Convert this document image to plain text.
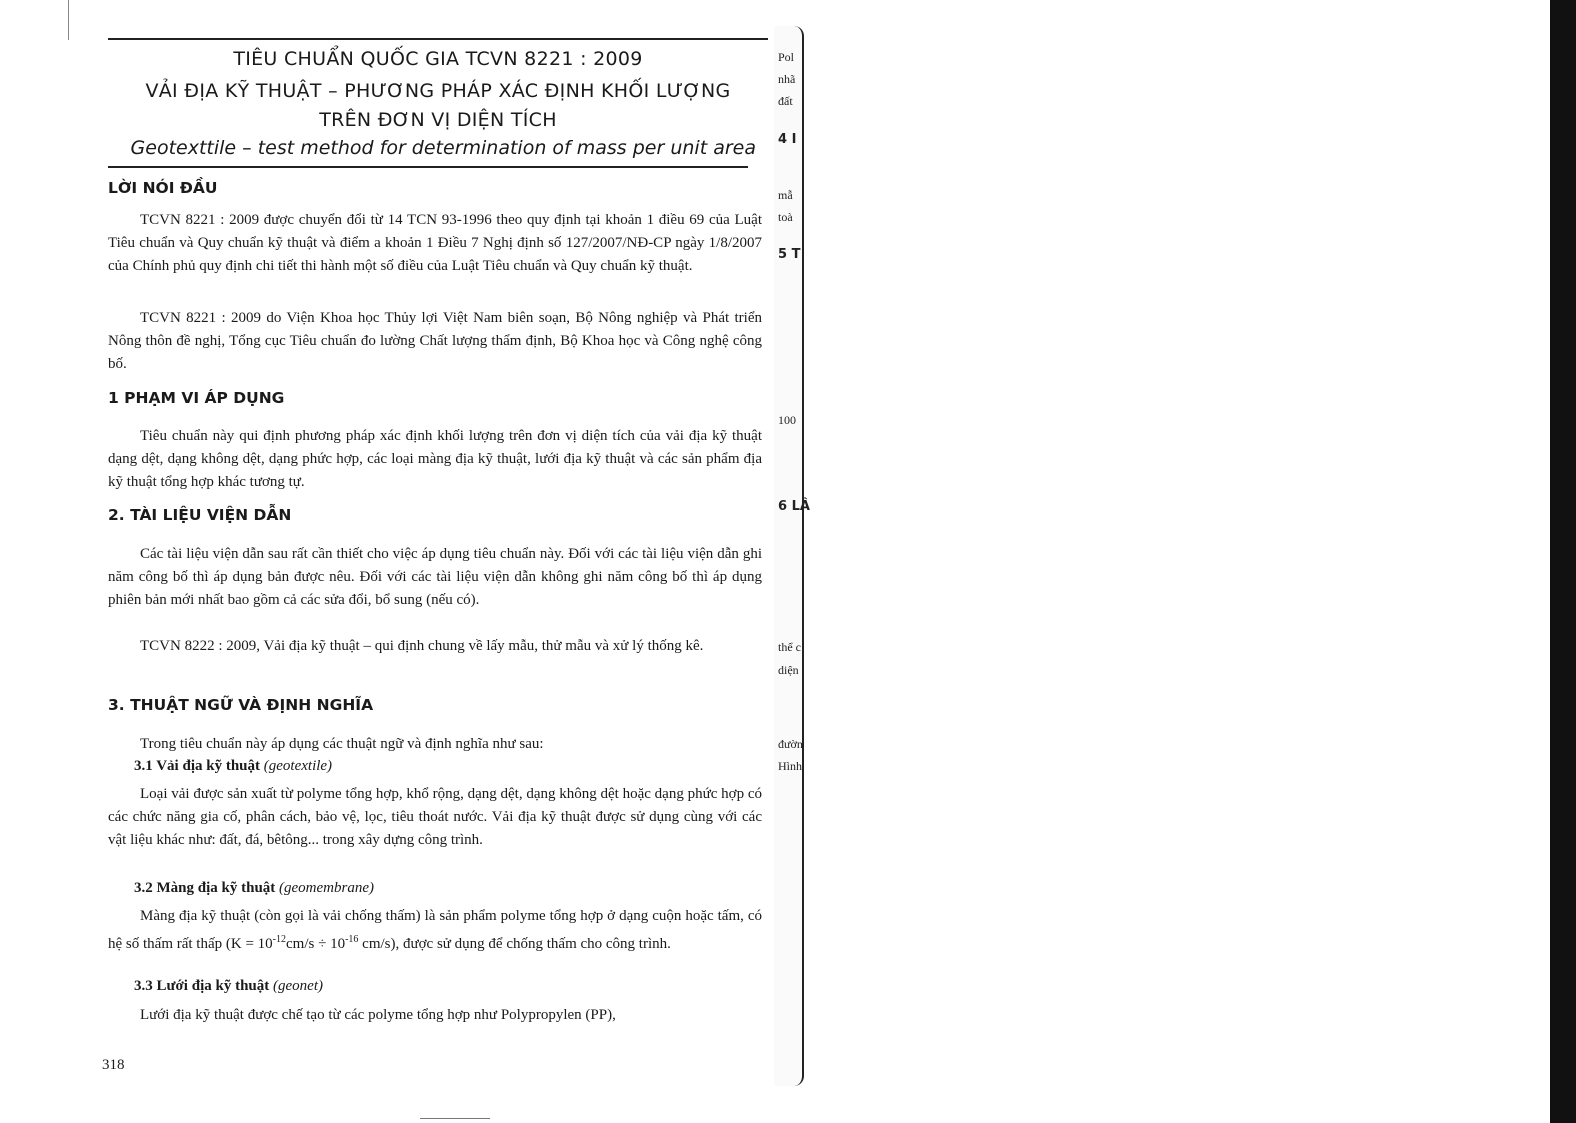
TIÊU CHUẨN QUỐC GIA TCVN 8221 : 2009
VẢI ĐỊA KỸ THUẬT – PHƯƠNG PHÁP XÁC ĐỊNH KHỐI LƯỢNG
TRÊN ĐƠN VỊ DIỆN TÍCH
Geotexttile – test method for determination of mass per unit area
LỜI NÓI ĐẦU
TCVN 8221 : 2009 được chuyển đổi từ 14 TCN 93-1996 theo quy định tại khoản 1 điều 69 của Luật Tiêu chuẩn và Quy chuẩn kỹ thuật và điểm a khoản 1 Điều 7 Nghị định số 127/2007/NĐ-CP ngày 1/8/2007 của Chính phủ quy định chi tiết thi hành một số điều của Luật Tiêu chuẩn và Quy chuẩn kỹ thuật.
TCVN 8221 : 2009 do Viện Khoa học Thủy lợi Việt Nam biên soạn, Bộ Nông nghiệp và Phát triển Nông thôn đề nghị, Tổng cục Tiêu chuẩn đo lường Chất lượng thẩm định, Bộ Khoa học và Công nghệ công bố.
1 PHẠM VI ÁP DỤNG
Tiêu chuẩn này qui định phương pháp xác định khối lượng trên đơn vị diện tích của vải địa kỹ thuật dạng dệt, dạng không dệt, dạng phức hợp, các loại màng địa kỹ thuật, lưới địa kỹ thuật và các sản phẩm địa kỹ thuật tổng hợp khác tương tự.
2. TÀI LIỆU VIỆN DẪN
Các tài liệu viện dẫn sau rất cần thiết cho việc áp dụng tiêu chuẩn này. Đối với các tài liệu viện dẫn ghi năm công bố thì áp dụng bản được nêu. Đối với các tài liệu viện dẫn không ghi năm công bố thì áp dụng phiên bản mới nhất bao gồm cả các sửa đổi, bổ sung (nếu có).
TCVN 8222 : 2009, Vải địa kỹ thuật – qui định chung về lấy mẫu, thử mẫu và xử lý thống kê.
3. THUẬT NGỮ VÀ ĐỊNH NGHĨA
Trong tiêu chuẩn này áp dụng các thuật ngữ và định nghĩa như sau:
3.1 Vải địa kỹ thuật (geotextile)
Loại vải được sản xuất từ polyme tổng hợp, khổ rộng, dạng dệt, dạng không dệt hoặc dạng phức hợp có các chức năng gia cố, phân cách, bảo vệ, lọc, tiêu thoát nước. Vải địa kỹ thuật được sử dụng cùng với các vật liệu khác như: đất, đá, bêtông... trong xây dựng công trình.
3.2 Màng địa kỹ thuật (geomembrane)
Màng địa kỹ thuật (còn gọi là vải chống thấm) là sản phẩm polyme tổng hợp ở dạng cuộn hoặc tấm, có hệ số thấm rất thấp ($K = 10^{-12}cm/s \div 10^{-16}$ cm/s), được sử dụng để chống thấm cho công trình.
3.3 Lưới địa kỹ thuật (geonet)
Lưới địa kỹ thuật được chế tạo từ các polyme tổng hợp như Polypropylen (PP),
318
Pol
nhã
đất
4 I
mẫ
toà
5 T
100
6 LÂ
thể c
diện
đườn
Hình
